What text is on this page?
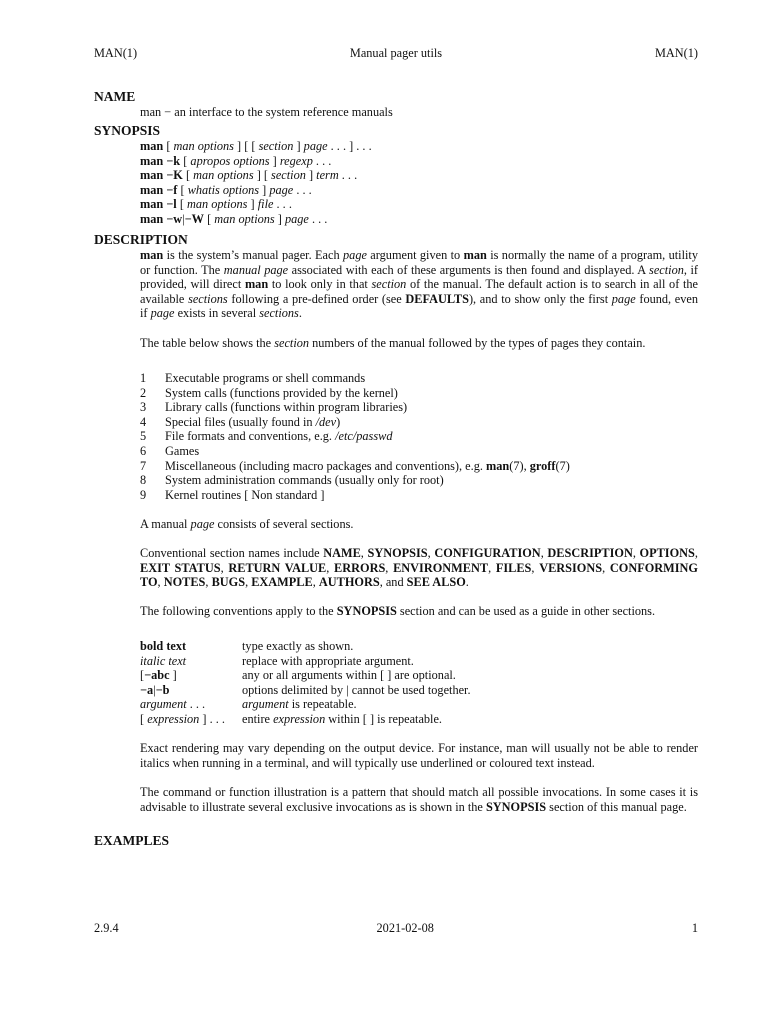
MAN(1)	Manual pager utils	MAN(1)
NAME
man − an interface to the system reference manuals
SYNOPSIS
man [ man options ] [ [ section ] page . . . ] . . .
man −k [ apropos options ] regexp . . .
man −K [ man options ] [ section ] term . . .
man −f [ whatis options ] page . . .
man −l [ man options ] file . . .
man −w|−W [ man options ] page . . .
DESCRIPTION
man is the system’s manual pager. Each page argument given to man is normally the name of a program, utility or function. The manual page associated with each of these arguments is then found and displayed. A section, if provided, will direct man to look only in that section of the manual. The default action is to search in all of the available sections following a pre-defined order (see DEFAULTS), and to show only the first page found, even if page exists in several sections.
The table below shows the section numbers of the manual followed by the types of pages they contain.
1	Executable programs or shell commands
2	System calls (functions provided by the kernel)
3	Library calls (functions within program libraries)
4	Special files (usually found in /dev)
5	File formats and conventions, e.g. /etc/passwd
6	Games
7	Miscellaneous (including macro packages and conventions), e.g. man(7), groff(7)
8	System administration commands (usually only for root)
9	Kernel routines [ Non standard ]
A manual page consists of several sections.
Conventional section names include NAME, SYNOPSIS, CONFIGURATION, DESCRIPTION, OPTIONS, EXIT STATUS, RETURN VALUE, ERRORS, ENVIRONMENT, FILES, VERSIONS, CONFORMING TO, NOTES, BUGS, EXAMPLE, AUTHORS, and SEE ALSO.
The following conventions apply to the SYNOPSIS section and can be used as a guide in other sections.
bold text	type exactly as shown.
italic text	replace with appropriate argument.
[−abc ]	any or all arguments within [ ] are optional.
−a|−b	options delimited by | cannot be used together.
argument . . .	argument is repeatable.
[ expression ] . . .	entire expression within [ ] is repeatable.
Exact rendering may vary depending on the output device. For instance, man will usually not be able to render italics when running in a terminal, and will typically use underlined or coloured text instead.
The command or function illustration is a pattern that should match all possible invocations. In some cases it is advisable to illustrate several exclusive invocations as is shown in the SYNOPSIS section of this manual page.
EXAMPLES
2.9.4	2021-02-08	1
